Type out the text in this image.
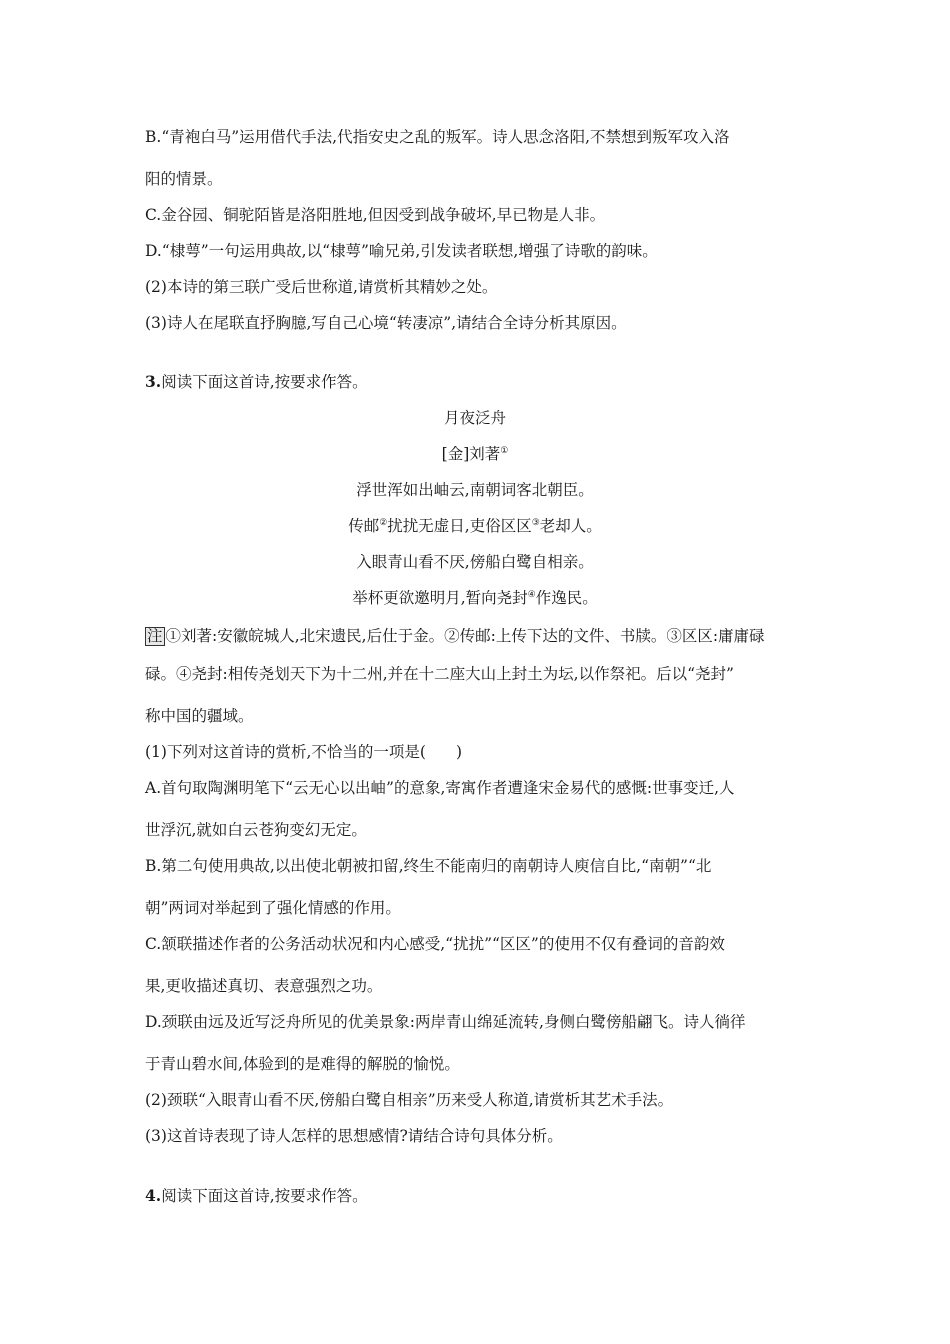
B.“青袍白马”运用借代手法,代指安史之乱的叛军。诗人思念洛阳,不禁想到叛军攻入洛
阳的情景。
C.金谷园、铜驼陌皆是洛阳胜地,但因受到战争破坏,早已物是人非。
D.“棣萼”一句运用典故,以“棣萼”喻兄弟,引发读者联想,增强了诗歌的韵味。
(2)本诗的第三联广受后世称道,请赏析其精妙之处。
(3)诗人在尾联直抒胸臆,写自己心境“转凄凉”,请结合全诗分析其原因。
3.阅读下面这首诗,按要求作答。
月夜泛舟
[金]刘著①
浮世浑如出岫云,南朝词客北朝臣。
传邮②扰扰无虚日,吏俗区区③老却人。
入眼青山看不厌,傍船白鹭自相亲。
举杯更欲邀明月,暂向尧封④作逸民。
注 ①刘著:安徽皖城人,北宋遗民,后仕于金。②传邮:上传下达的文件、书牍。③区区:庸庸碌
碌。④尧封:相传尧划天下为十二州,并在十二座大山上封土为坛,以作祭祀。后以“尧封”
称中国的疆域。
(1)下列对这首诗的赏析,不恰当的一项是( )
A.首句取陶渊明笔下“云无心以出岫”的意象,寄寓作者遭逢宋金易代的感慨:世事变迁,人
世浮沉,就如白云苍狗变幻无定。
B.第二句使用典故,以出使北朝被扣留,终生不能南归的南朝诗人庾信自比,“南朝”“北
朝”两词对举起到了强化情感的作用。
C.颔联描述作者的公务活动状况和内心感受,“扰扰”“区区”的使用不仅有叠词的音韵效
果,更收描述真切、表意强烈之功。
D.颈联由远及近写泛舟所见的优美景象:两岸青山绵延流转,身侧白鹭傍船翩飞。诗人徜徉
于青山碧水间,体验到的是难得的解脱的愉悦。
(2)颈联“入眼青山看不厌,傍船白鹭自相亲”历来受人称道,请赏析其艺术手法。
(3)这首诗表现了诗人怎样的思想感情?请结合诗句具体分析。
4.阅读下面这首诗,按要求作答。
